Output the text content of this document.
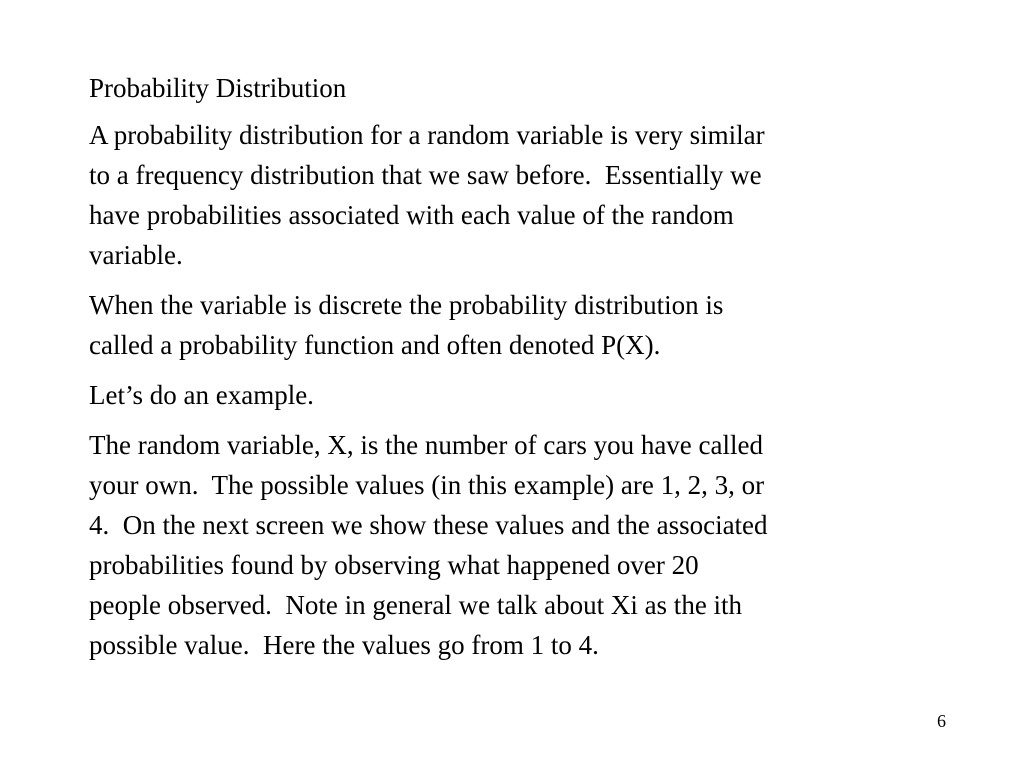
Probability Distribution
A probability distribution for a random variable is very similar
to a frequency distribution that we saw before.  Essentially we
have probabilities associated with each value of the random
variable.
When the variable is discrete the probability distribution is
called a probability function and often denoted P(X).
Let’s do an example.
The random variable, X, is the number of cars you have called
your own.  The possible values (in this example) are 1, 2, 3, or
4.  On the next screen we show these values and the associated
probabilities found by observing what happened over 20
people observed.  Note in general we talk about Xi as the ith
possible value.  Here the values go from 1 to 4.
6
